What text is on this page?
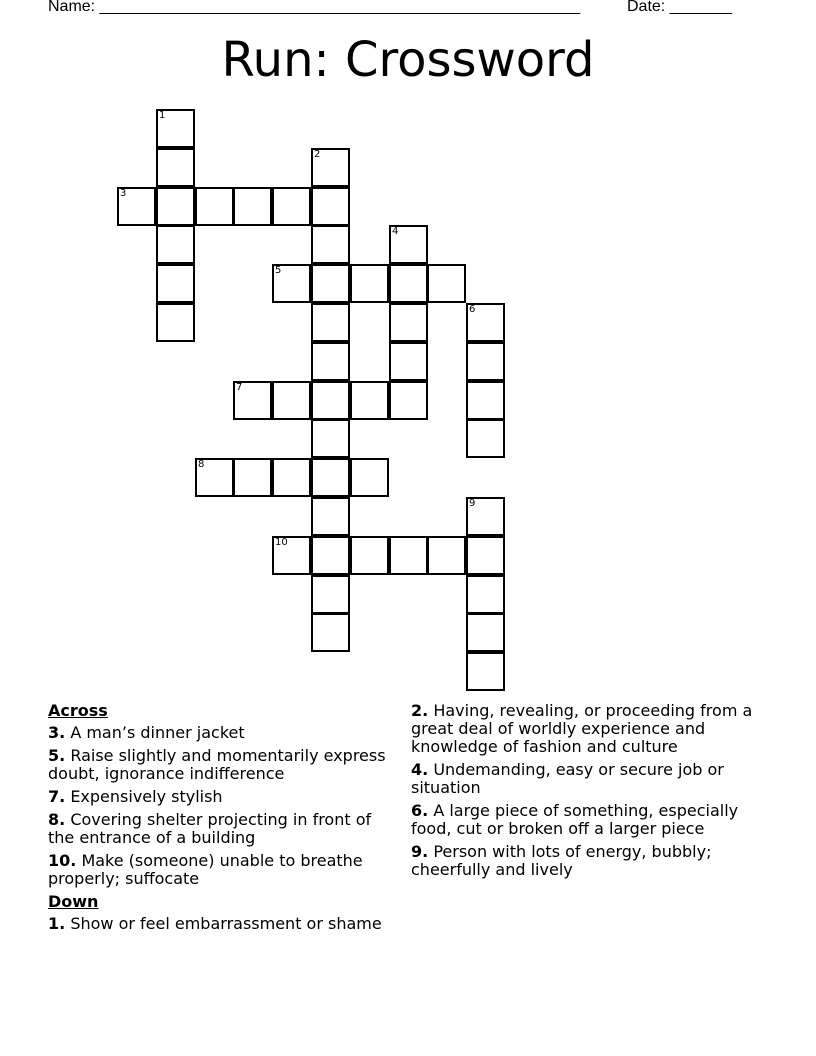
Name: ______________________________________________________	Date: _______
Run: Crossword
1
2
3
4
5
6
7
8
9
10
Across
3. A man’s dinner jacket
5. Raise slightly and momentarily express doubt, ignorance indifference
7. Expensively stylish
8. Covering shelter projecting in front of the entrance of a building
10. Make (someone) unable to breathe properly; suffocate
Down
1. Show or feel embarrassment or shame
2. Having, revealing, or proceeding from a great deal of worldly experience and knowledge of fashion and culture
4. Undemanding, easy or secure job or situation
6. A large piece of something, especially food, cut or broken off a larger piece
9. Person with lots of energy, bubbly; cheerfully and lively
